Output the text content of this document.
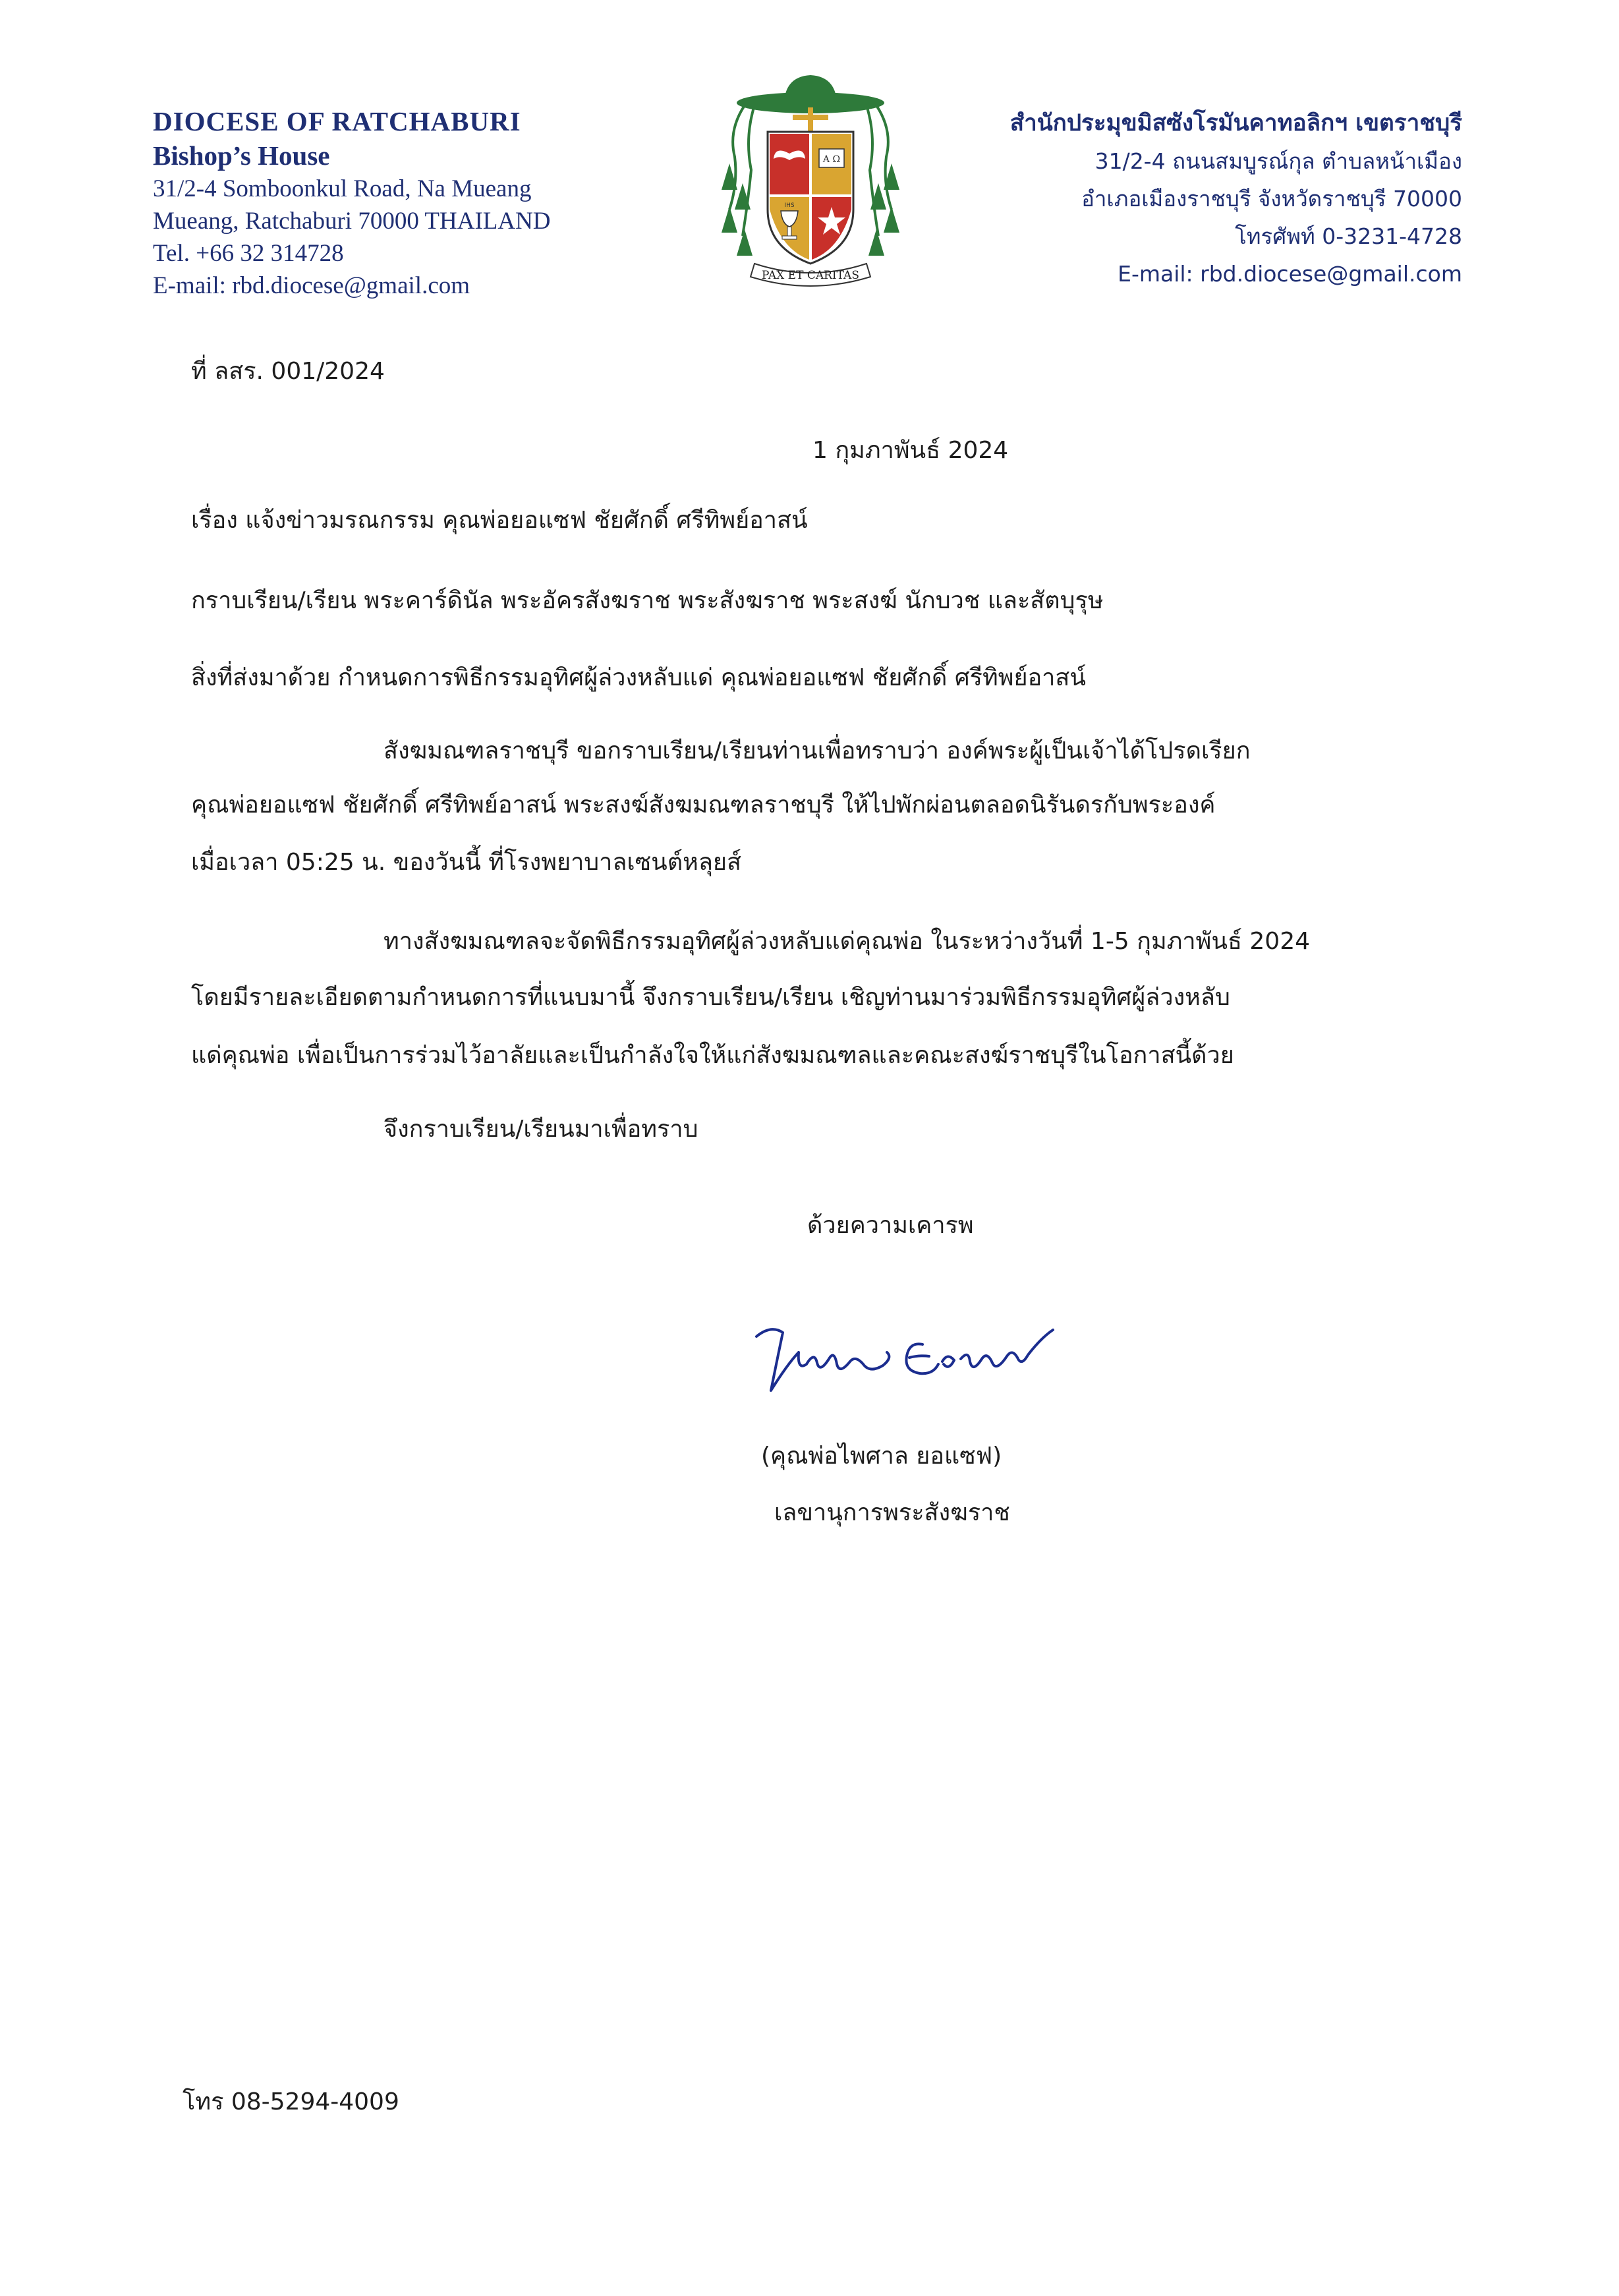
DIOCESE OF RATCHABURI
Bishop’s House
31/2-4 Somboonkul Road, Na Mueang
Mueang, Ratchaburi 70000 THAILAND
Tel. +66 32 314728
E-mail: rbd.diocese@gmail.com
A Ω
IHS
PAX ET CARITAS
สำนักประมุขมิสซังโรมันคาทอลิกฯ เขตราชบุรี
31/2-4 ถนนสมบูรณ์กุล ตำบลหน้าเมือง
อำเภอเมืองราชบุรี จังหวัดราชบุรี 70000
โทรศัพท์ 0-3231-4728
E-mail: rbd.diocese@gmail.com
ที่ ลสร. 001/2024
1 กุมภาพันธ์ 2024
เรื่อง แจ้งข่าวมรณกรรม คุณพ่อยอแซฟ ชัยศักดิ์ ศรีทิพย์อาสน์
กราบเรียน/เรียน พระคาร์ดินัล พระอัครสังฆราช พระสังฆราช พระสงฆ์ นักบวช และสัตบุรุษ
สิ่งที่ส่งมาด้วย กำหนดการพิธีกรรมอุทิศผู้ล่วงหลับแด่ คุณพ่อยอแซฟ ชัยศักดิ์ ศรีทิพย์อาสน์
สังฆมณฑลราชบุรี ขอกราบเรียน/เรียนท่านเพื่อทราบว่า องค์พระผู้เป็นเจ้าได้โปรดเรียก
คุณพ่อยอแซฟ ชัยศักดิ์ ศรีทิพย์อาสน์ พระสงฆ์สังฆมณฑลราชบุรี ให้ไปพักผ่อนตลอดนิรันดรกับพระองค์
เมื่อเวลา 05:25 น. ของวันนี้ ที่โรงพยาบาลเซนต์หลุยส์
ทางสังฆมณฑลจะจัดพิธีกรรมอุทิศผู้ล่วงหลับแด่คุณพ่อ ในระหว่างวันที่ 1-5 กุมภาพันธ์ 2024
โดยมีรายละเอียดตามกำหนดการที่แนบมานี้ จึงกราบเรียน/เรียน เชิญท่านมาร่วมพิธีกรรมอุทิศผู้ล่วงหลับ
แด่คุณพ่อ เพื่อเป็นการร่วมไว้อาลัยและเป็นกำลังใจให้แก่สังฆมณฑลและคณะสงฆ์ราชบุรีในโอกาสนี้ด้วย
จึงกราบเรียน/เรียนมาเพื่อทราบ
ด้วยความเคารพ
(คุณพ่อไพศาล ยอแซฟ)
เลขานุการพระสังฆราช
โทร 08-5294-4009
